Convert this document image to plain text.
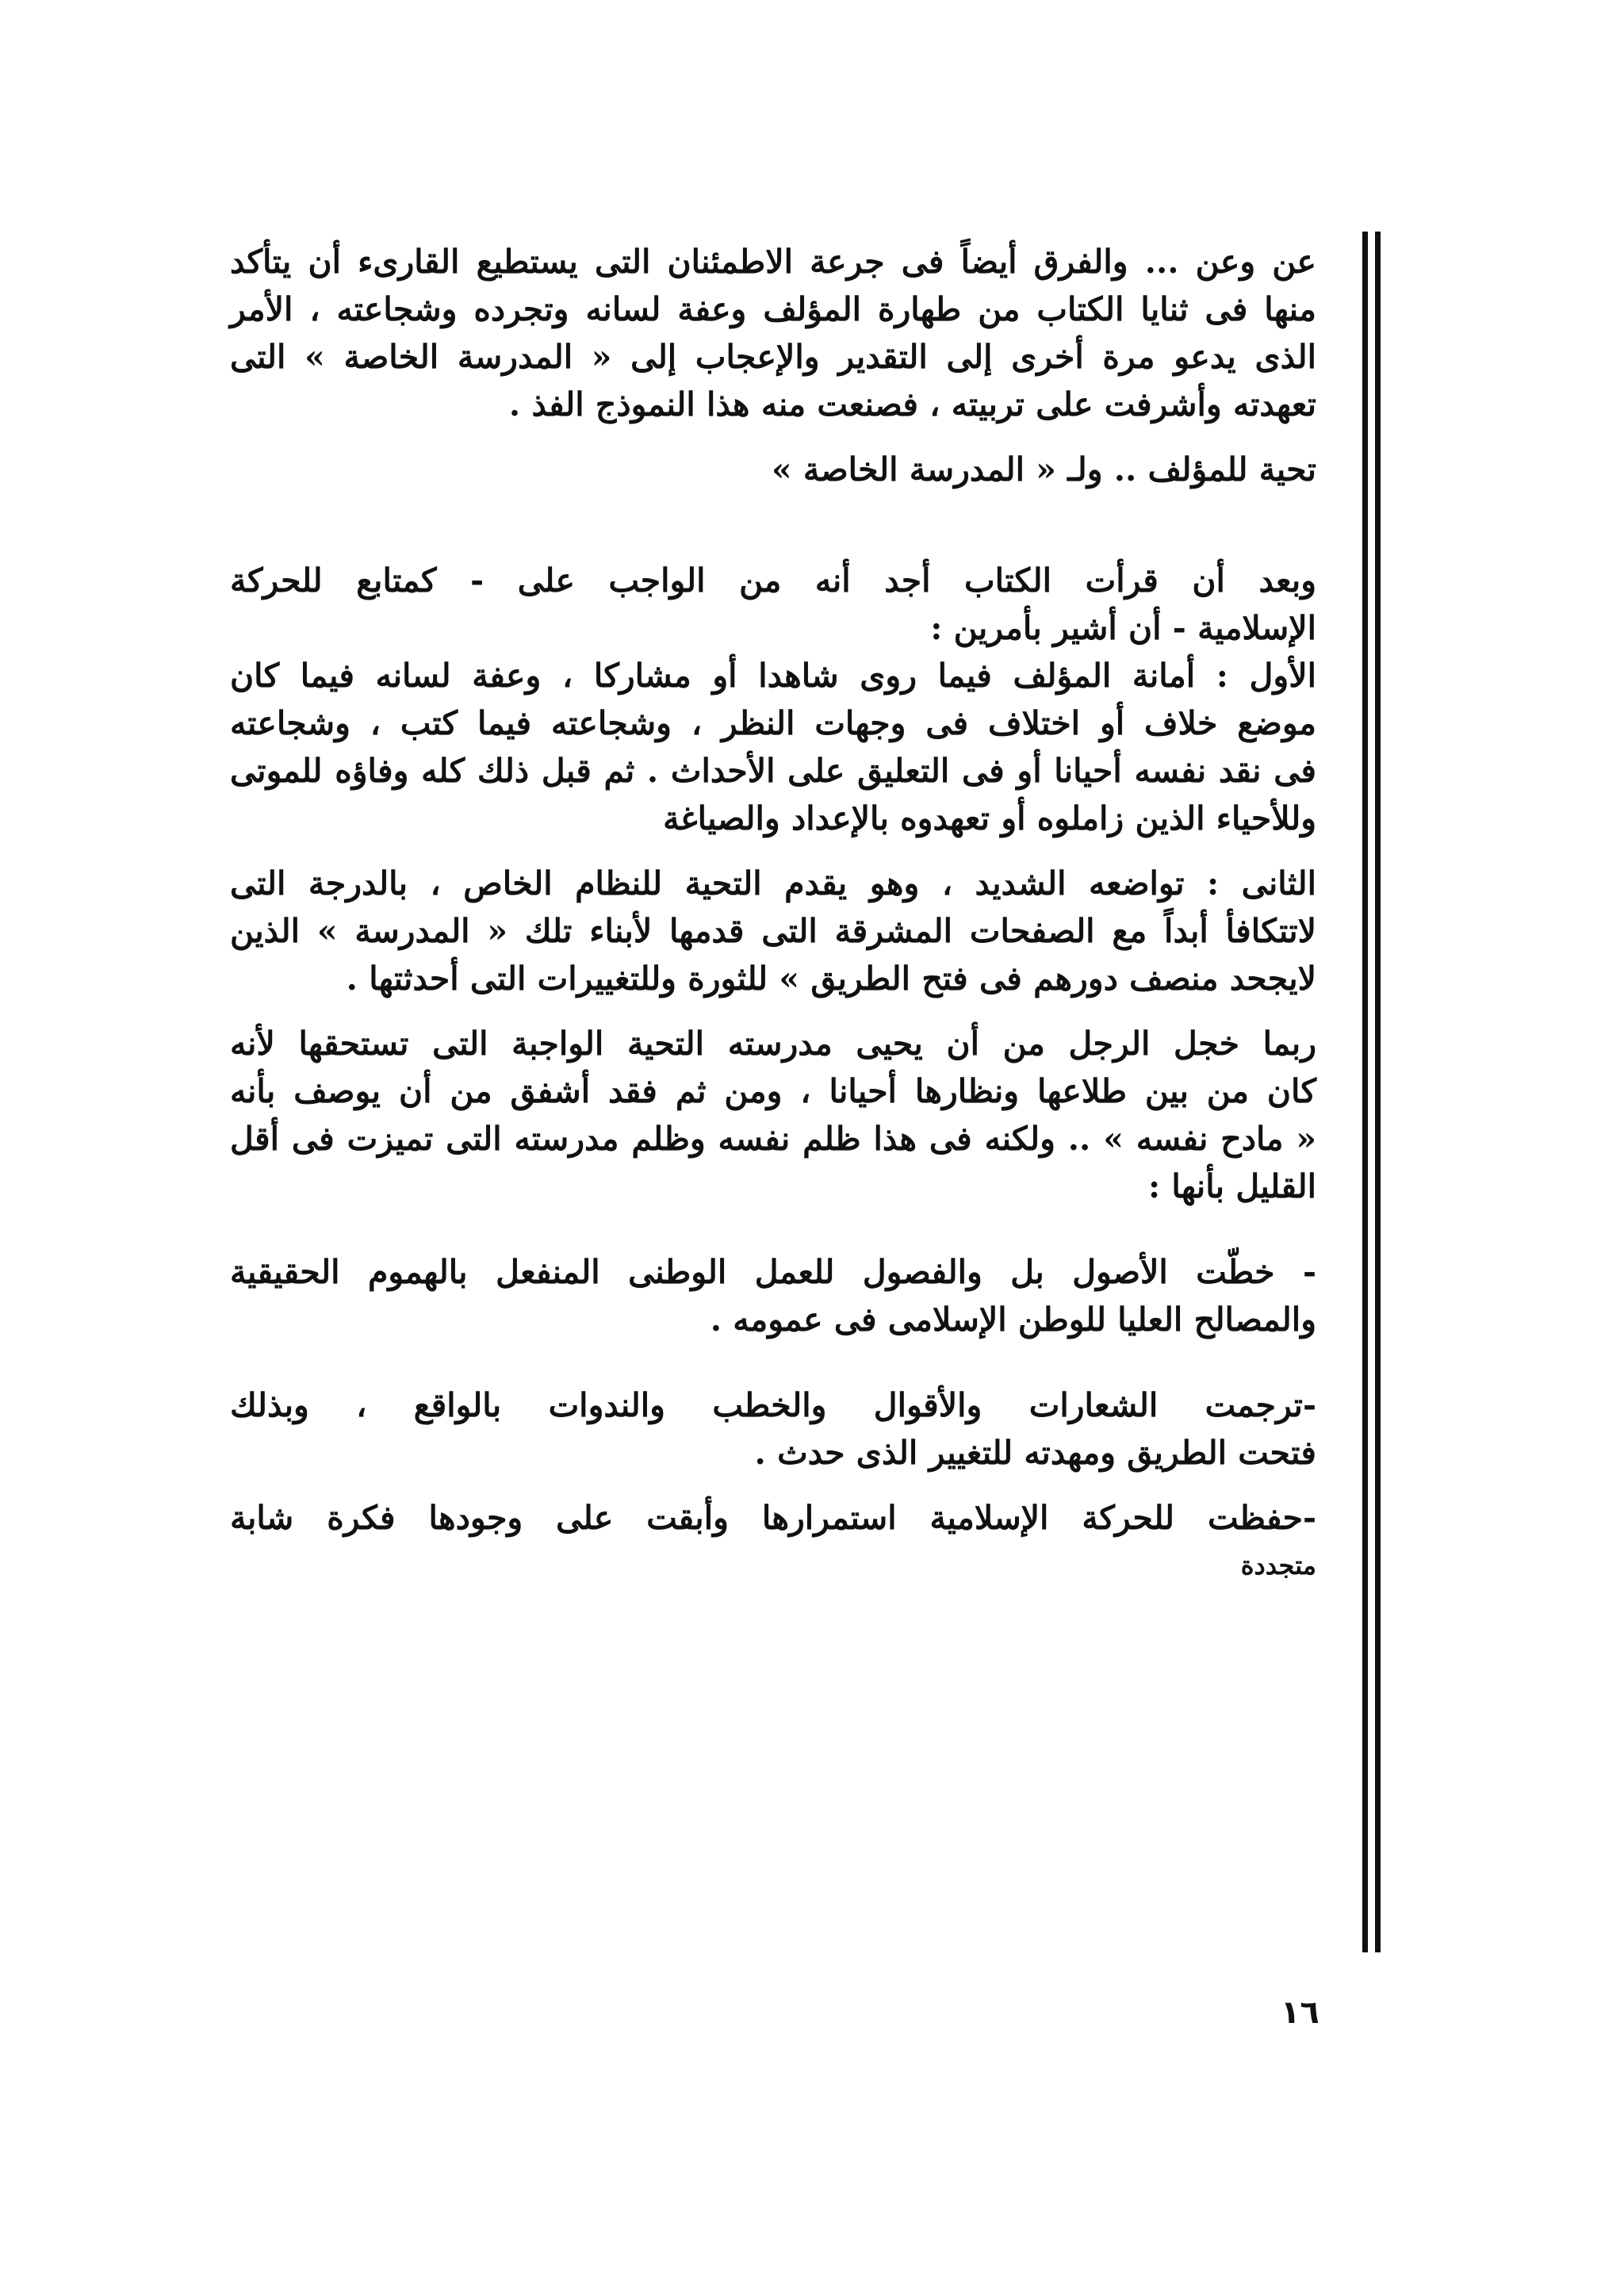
عن وعن ... والفرق أيضاً فى جرعة الاطمئنان التى يستطيع القارىء أن يتأكد
منها فى ثنايا الكتاب من طهارة المؤلف وعفة لسانه وتجرده وشجاعته ، الأمر
الذى يدعو مرة أخرى إلى التقدير والإعجاب إلى « المدرسة الخاصة » التى
تعهدته وأشرفت على تربيته ، فصنعت منه هذا النموذج الفذ .

تحية للمؤلف .. ولـ « المدرسة الخاصة »

وبعد أن قرأت الكتاب أجد أنه من الواجب على - كمتابع للحركة
الإسلامية - أن أشير بأمرين :

الأول : أمانة المؤلف فيما روى شاهدا أو مشاركا ، وعفة لسانه فيما كان
موضع خلاف أو اختلاف فى وجهات النظر ، وشجاعته فيما كتب ، وشجاعته
فى نقد نفسه أحيانا أو فى التعليق على الأحداث . ثم قبل ذلك كله وفاؤه للموتى
وللأحياء الذين زاملوه أو تعهدوه بالإعداد والصياغة

الثانى : تواضعه الشديد ، وهو يقدم التحية للنظام الخاص ، بالدرجة التى
لاتتكافأ أبداً مع الصفحات المشرقة التى قدمها لأبناء تلك « المدرسة » الذين
لايجحد منصف دورهم فى فتح الطريق » للثورة وللتغييرات التى أحدثتها .

ربما خجل الرجل من أن يحيى مدرسته التحية الواجبة التى تستحقها لأنه
كان من بين طلاعها ونظارها أحيانا ، ومن ثم فقد أشفق من أن يوصف بأنه
« مادح نفسه » .. ولكنه فى هذا ظلم نفسه وظلم مدرسته التى تميزت فى أقل
القليل بأنها :

- خطّت الأصول بل والفصول للعمل الوطنى المنفعل بالهموم الحقيقية
والمصالح العليا للوطن الإسلامى فى عمومه .

-ترجمت الشعارات والأقوال والخطب والندوات بالواقع ، وبذلك
فتحت الطريق ومهدته للتغيير الذى حدث .

-حفظت للحركة الإسلامية استمرارها وأبقت على وجودها فكرة شابة
متجددة

١٦
